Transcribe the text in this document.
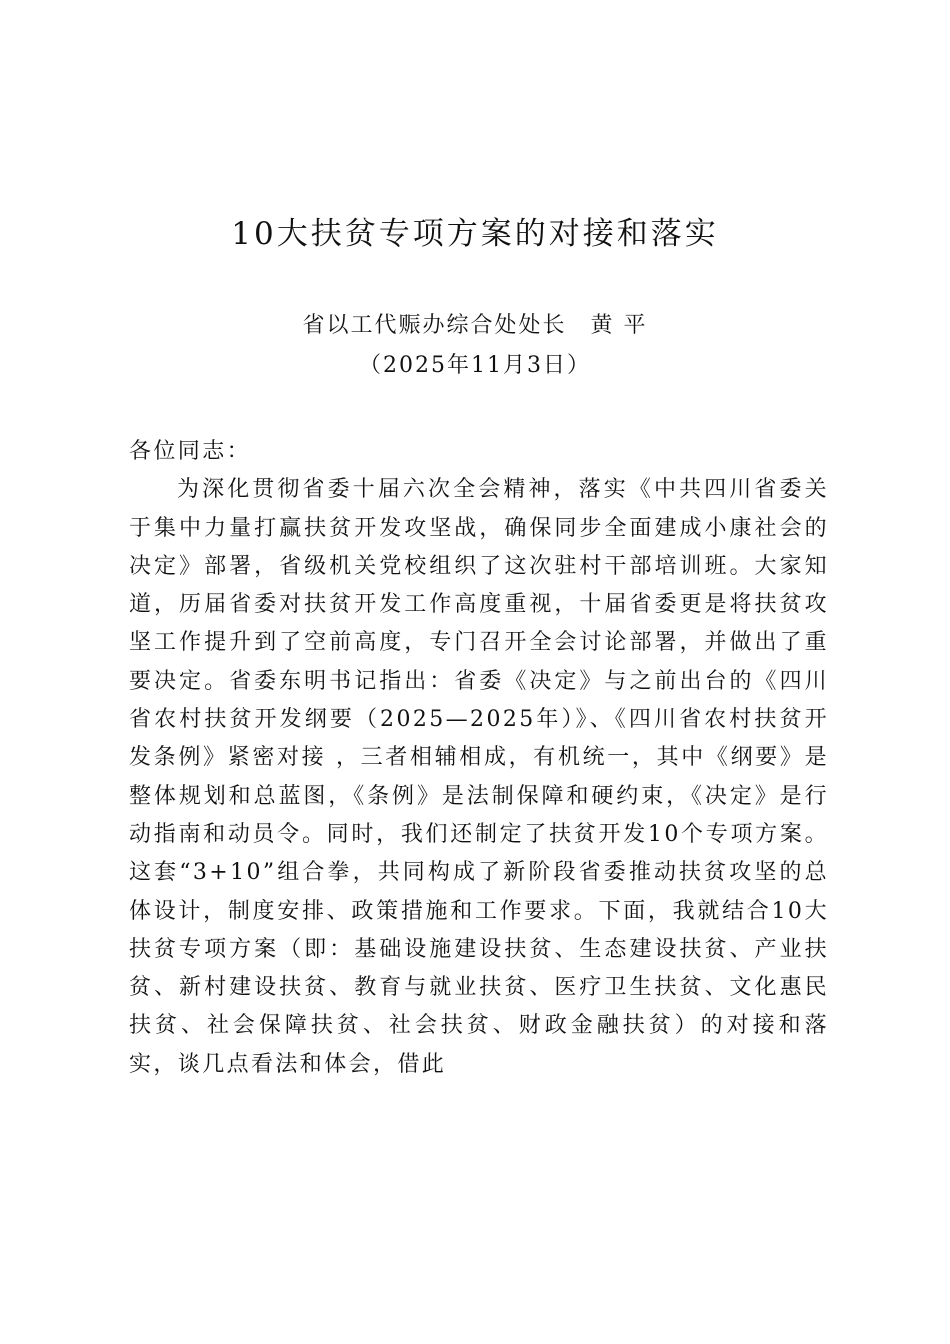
10大扶贫专项方案的对接和落实
省以工代赈办综合处处长　黄 平
（2025年11月3日）
各位同志：

为深化贯彻省委十届六次全会精神，落实《中共四川省委关于集中力量打赢扶贫开发攻坚战，确保同步全面建成小康社会的决定》部署，省级机关党校组织了这次驻村干部培训班。大家知道，历届省委对扶贫开发工作高度重视，十届省委更是将扶贫攻坚工作提升到了空前高度，专门召开全会讨论部署，并做出了重要决定。省委东明书记指出：省委《决定》与之前出台的《四川省农村扶贫开发纲要（2025—2025年）》、《四川省农村扶贫开发条例》紧密对接 ，三者相辅相成，有机统一，其中《纲要》是整体规划和总蓝图，《条例》是法制保障和硬约束，《决定》是行动指南和动员令。同时，我们还制定了扶贫开发10个专项方案。这套“3+10”组合拳，共同构成了新阶段省委推动扶贫攻坚的总体设计，制度安排、政策措施和工作要求。下面，我就结合10大扶贫专项方案（即：基础设施建设扶贫、生态建设扶贫、产业扶贫、新村建设扶贫、教育与就业扶贫、医疗卫生扶贫、文化惠民扶贫、社会保障扶贫、社会扶贫、财政金融扶贫）的对接和落实，谈几点看法和体会，借此
